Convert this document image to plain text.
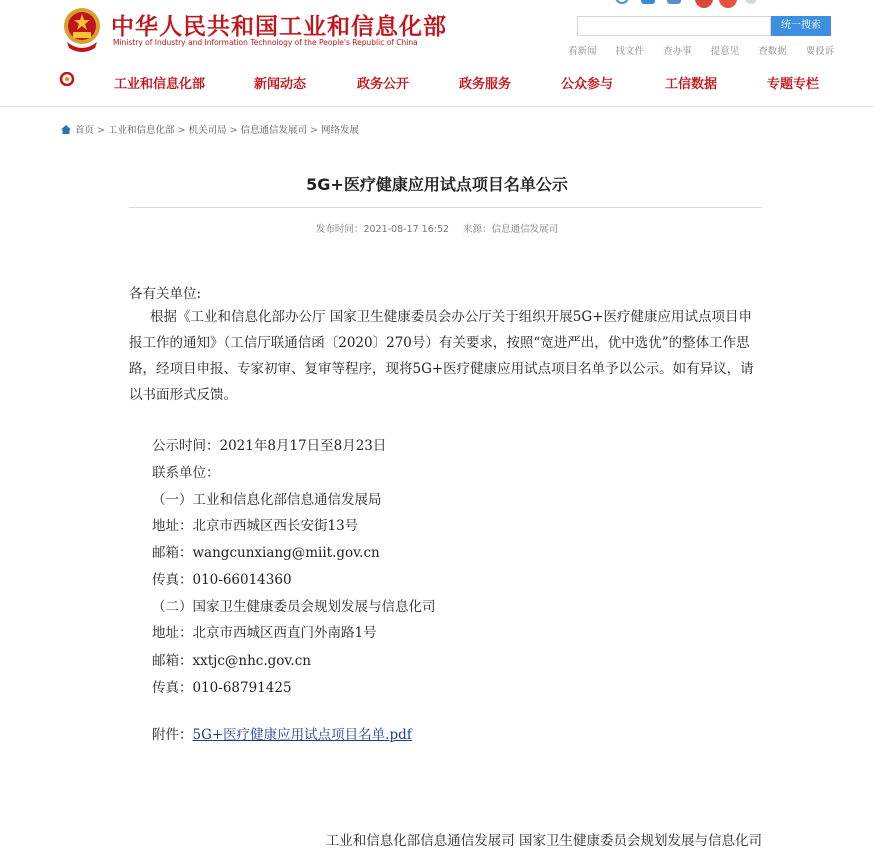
中华人民共和国工业和信息化部
Ministry of Industry and Information Technology of the People's Republic of China
统一搜索
看新闻 找文件 查办事 提意见 查数据 要投诉
工业和信息化部	新闻动态	政务公开	政务服务	公众参与	工信数据	专题专栏
首页 > 工业和信息化部 > 机关司局 > 信息通信发展司 > 网络发展
5G+医疗健康应用试点项目名单公示
发布时间：2021-08-17 16:52 来源：信息通信发展司
各有关单位:
根据《工业和信息化部办公厅 国家卫生健康委员会办公厅关于组织开展5G+医疗健康应用试点项目申报工作的通知》（工信厅联通信函〔2020〕270号）有关要求，按照“宽进严出，优中选优”的整体工作思路，经项目申报、专家初审、复审等程序，现将5G+医疗健康应用试点项目名单予以公示。如有异议，请以书面形式反馈。
公示时间：2021年8月17日至8月23日
联系单位：
（一）工业和信息化部信息通信发展局
地址：北京市西城区西长安街13号
邮箱：wangcunxiang@miit.gov.cn
传真：010-66014360
（二）国家卫生健康委员会规划发展与信息化司
地址：北京市西城区西直门外南路1号
邮箱：xxtjc@nhc.gov.cn
传真：010-68791425
附件：5G+医疗健康应用试点项目名单.pdf
工业和信息化部信息通信发展司 国家卫生健康委员会规划发展与信息化司
